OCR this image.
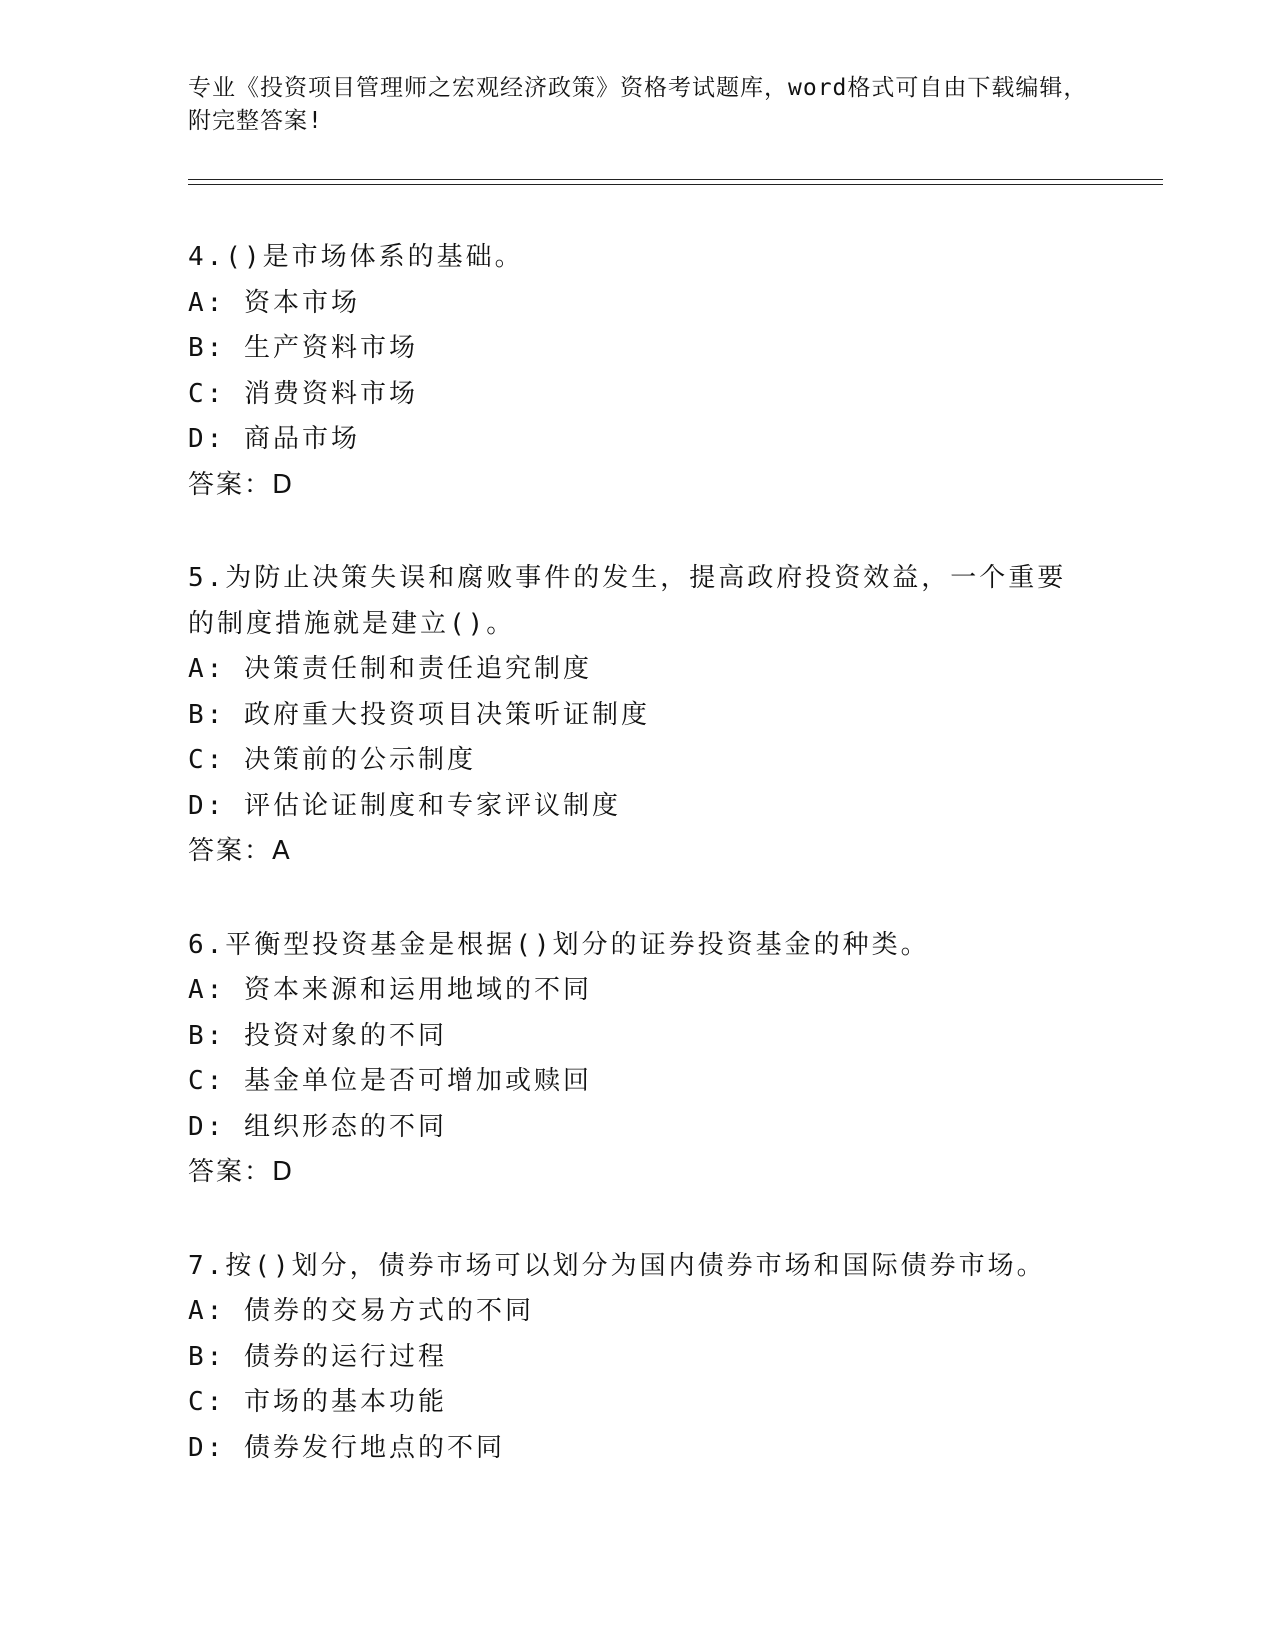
专业《投资项目管理师之宏观经济政策》资格考试题库，word格式可自由下载编辑，附完整答案!
4.()是市场体系的基础。
A: 资本市场
B: 生产资料市场
C: 消费资料市场
D: 商品市场
答案：D
5.为防止决策失误和腐败事件的发生，提高政府投资效益，一个重要的制度措施就是建立()。
A: 决策责任制和责任追究制度
B: 政府重大投资项目决策听证制度
C: 决策前的公示制度
D: 评估论证制度和专家评议制度
答案：A
6.平衡型投资基金是根据()划分的证券投资基金的种类。
A: 资本来源和运用地域的不同
B: 投资对象的不同
C: 基金单位是否可增加或赎回
D: 组织形态的不同
答案：D
7.按()划分，债券市场可以划分为国内债券市场和国际债券市场。
A: 债券的交易方式的不同
B: 债券的运行过程
C: 市场的基本功能
D: 债券发行地点的不同
